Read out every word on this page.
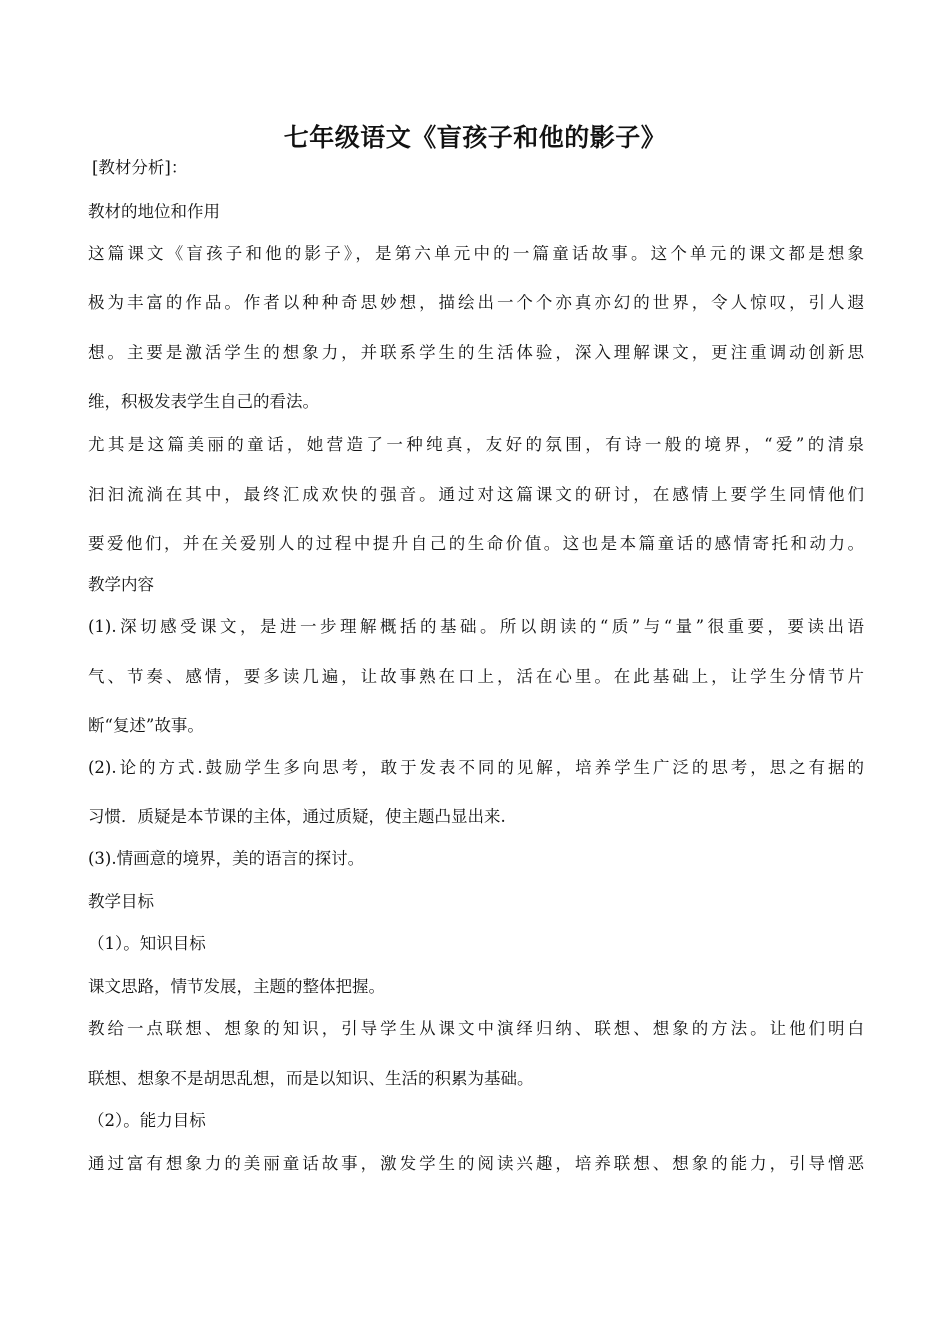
七年级语文《盲孩子和他的影子》
[教材分析]：
教材的地位和作用
这篇课文《盲孩子和他的影子》，是第六单元中的一篇童话故事。这个单元的课文都是想象
极为丰富的作品。作者以种种奇思妙想，描绘出一个个亦真亦幻的世界，令人惊叹，引人遐
想。主要是激活学生的想象力，并联系学生的生活体验，深入理解课文，更注重调动创新思
维，积极发表学生自己的看法。
尤其是这篇美丽的童话，她营造了一种纯真，友好的氛围，有诗一般的境界，“爱”的清泉
汩汩流淌在其中，最终汇成欢快的强音。通过对这篇课文的研讨，在感情上要学生同情他们
要爱他们，并在关爱别人的过程中提升自己的生命价值。这也是本篇童话的感情寄托和动力。
教学内容
(1).深切感受课文，是进一步理解概括的基础。所以朗读的“质”与“量”很重要，要读出语
气、节奏、感情，要多读几遍，让故事熟在口上，活在心里。在此基础上，让学生分情节片
断“复述”故事。
(2).论的方式.鼓励学生多向思考，敢于发表不同的见解，培养学生广泛的思考，思之有据的
习惯．质疑是本节课的主体，通过质疑，使主题凸显出来.
(3).情画意的境界，美的语言的探讨。
教学目标
（1）。知识目标
课文思路，情节发展，主题的整体把握。
教给一点联想、想象的知识，引导学生从课文中演绎归纳、联想、想象的方法。让他们明白
联想、想象不是胡思乱想，而是以知识、生活的积累为基础。
（2）。能力目标
通过富有想象力的美丽童话故事，激发学生的阅读兴趣，培养联想、想象的能力，引导憎恶
